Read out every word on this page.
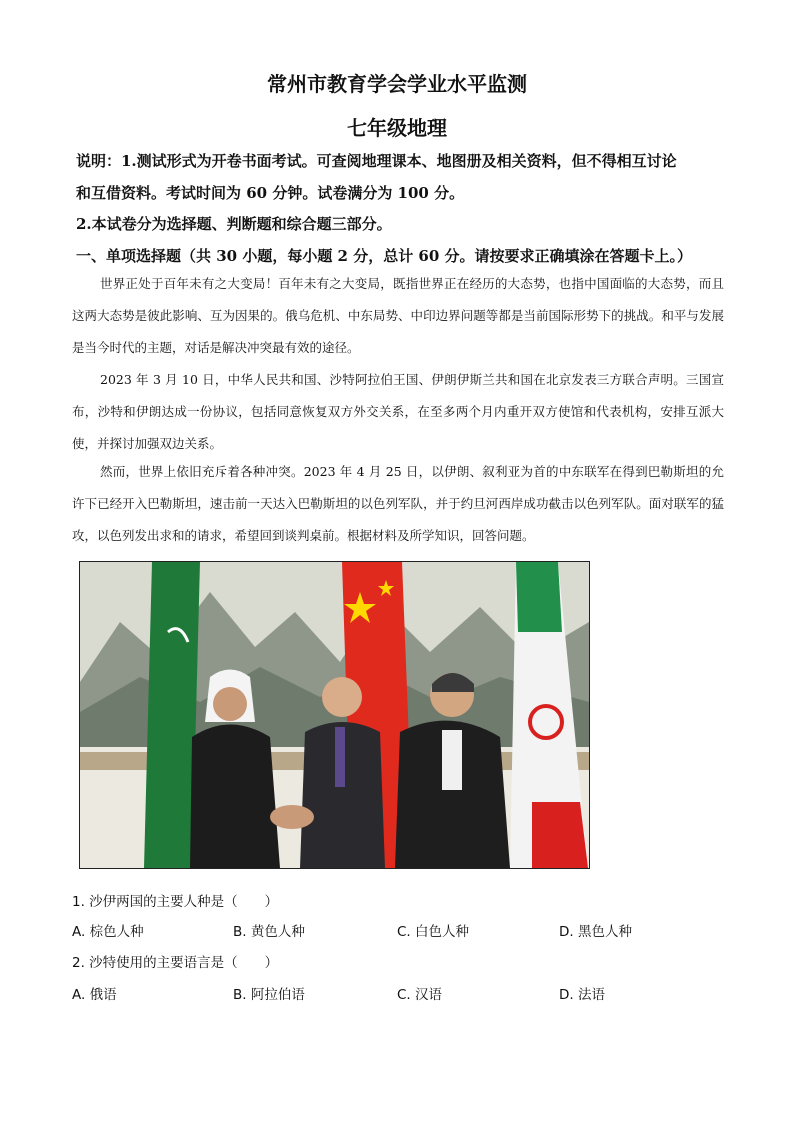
常州市教育学会学业水平监测
七年级地理
说明：1.测试形式为开卷书面考试。可查阅地理课本、地图册及相关资料，但不得相互讨论
和互借资料。考试时间为 60 分钟。试卷满分为 100 分。
2.本试卷分为选择题、判断题和综合题三部分。
一、单项选择题（共 30 小题，每小题 2 分，总计 60 分。请按要求正确填涂在答题卡上。）
世界正处于百年未有之大变局！百年未有之大变局，既指世界正在经历的大态势，也指中国面临的大态势，而且这两大态势是彼此影响、互为因果的。俄乌危机、中东局势、中印边界问题等都是当前国际形势下的挑战。和平与发展是当今时代的主题，对话是解决冲突最有效的途径。
2023 年 3 月 10 日，中华人民共和国、沙特阿拉伯王国、伊朗伊斯兰共和国在北京发表三方联合声明。三国宣布，沙特和伊朗达成一份协议，包括同意恢复双方外交关系，在至多两个月内重开双方使馆和代表机构，安排互派大使，并探讨加强双边关系。
然而，世界上依旧充斥着各种冲突。2023 年 4 月 25 日，以伊朗、叙利亚为首的中东联军在得到巴勒斯坦的允许下已经开入巴勒斯坦，速击前一天达入巴勒斯坦的以色列军队，并于约旦河西岸成功截击以色列军队。面对联军的猛攻，以色列发出求和的请求，希望回到谈判桌前。根据材料及所学知识，回答问题。
1. 沙伊两国的主要人种是（　　）
A. 棕色人种	B. 黄色人种	C. 白色人种	D. 黑色人种
2. 沙特使用的主要语言是（　　）
A. 俄语	B. 阿拉伯语	C. 汉语	D. 法语
